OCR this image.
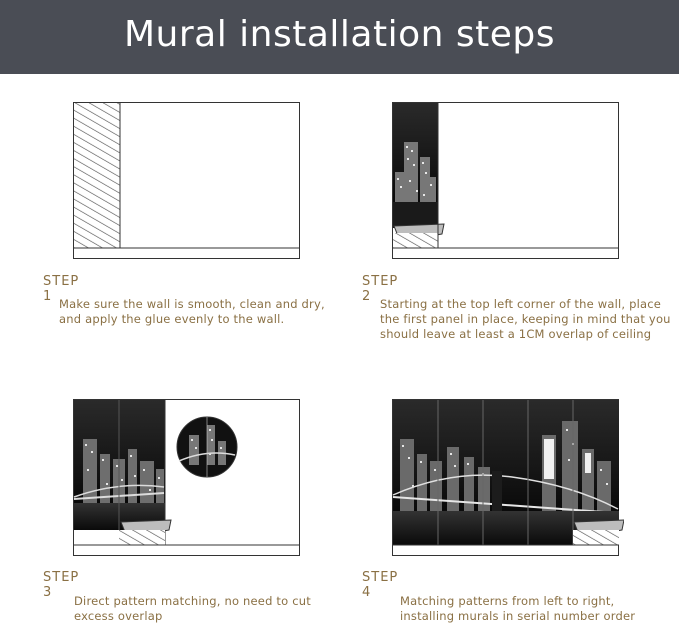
Mural installation steps
STEP 1 Make sure the wall is smooth, clean and dry,
and apply the glue evenly to the wall.
STEP 2 Starting at the top left corner of the wall, place
the first panel in place, keeping in mind that you
should leave at least a 1CM overlap of ceiling
STEP 3
Direct pattern matching, no need to cut
excess overlap
STEP 4
Matching patterns from left to right,
installing murals in serial number order
